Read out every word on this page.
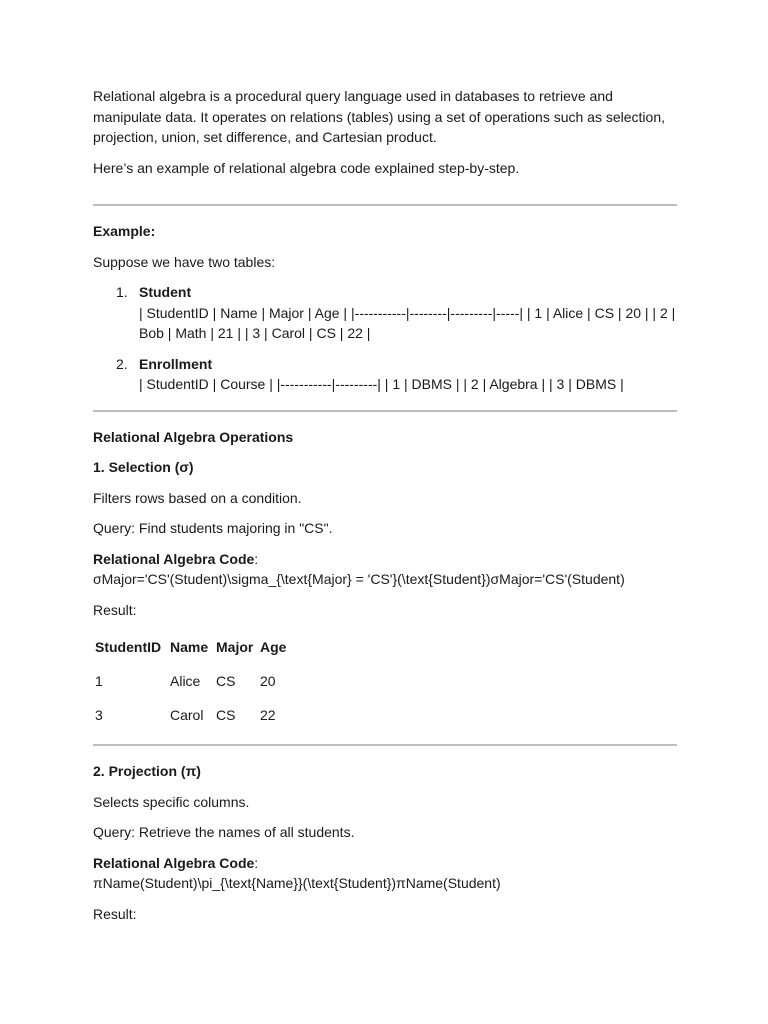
Relational algebra is a procedural query language used in databases to retrieve and manipulate data. It operates on relations (tables) using a set of operations such as selection, projection, union, set difference, and Cartesian product.

Here’s an example of relational algebra code explained step-by-step.

Example:

Suppose we have two tables:

1. Student
| StudentID | Name | Major | Age | |-----------|--------|---------|-----| | 1 | Alice | CS | 20 | | 2 | Bob | Math | 21 | | 3 | Carol | CS | 22 |
2. Enrollment
| StudentID | Course | |-----------|---------| | 1 | DBMS | | 2 | Algebra | | 3 | DBMS |

Relational Algebra Operations

1. Selection (σ)

Filters rows based on a condition.

Query: Find students majoring in "CS".

Relational Algebra Code:

σMajor='CS'(Student)\sigma_{\text{Major} = 'CS'}(\text{Student})σMajor='CS'(Student)

Result:

StudentID	Name	Major	Age
1	Alice	CS	20
3	Carol	CS	22

2. Projection (π)

Selects specific columns.

Query: Retrieve the names of all students.

Relational Algebra Code:

πName(Student)\pi_{\text{Name}}(\text{Student})πName(Student)

Result:
